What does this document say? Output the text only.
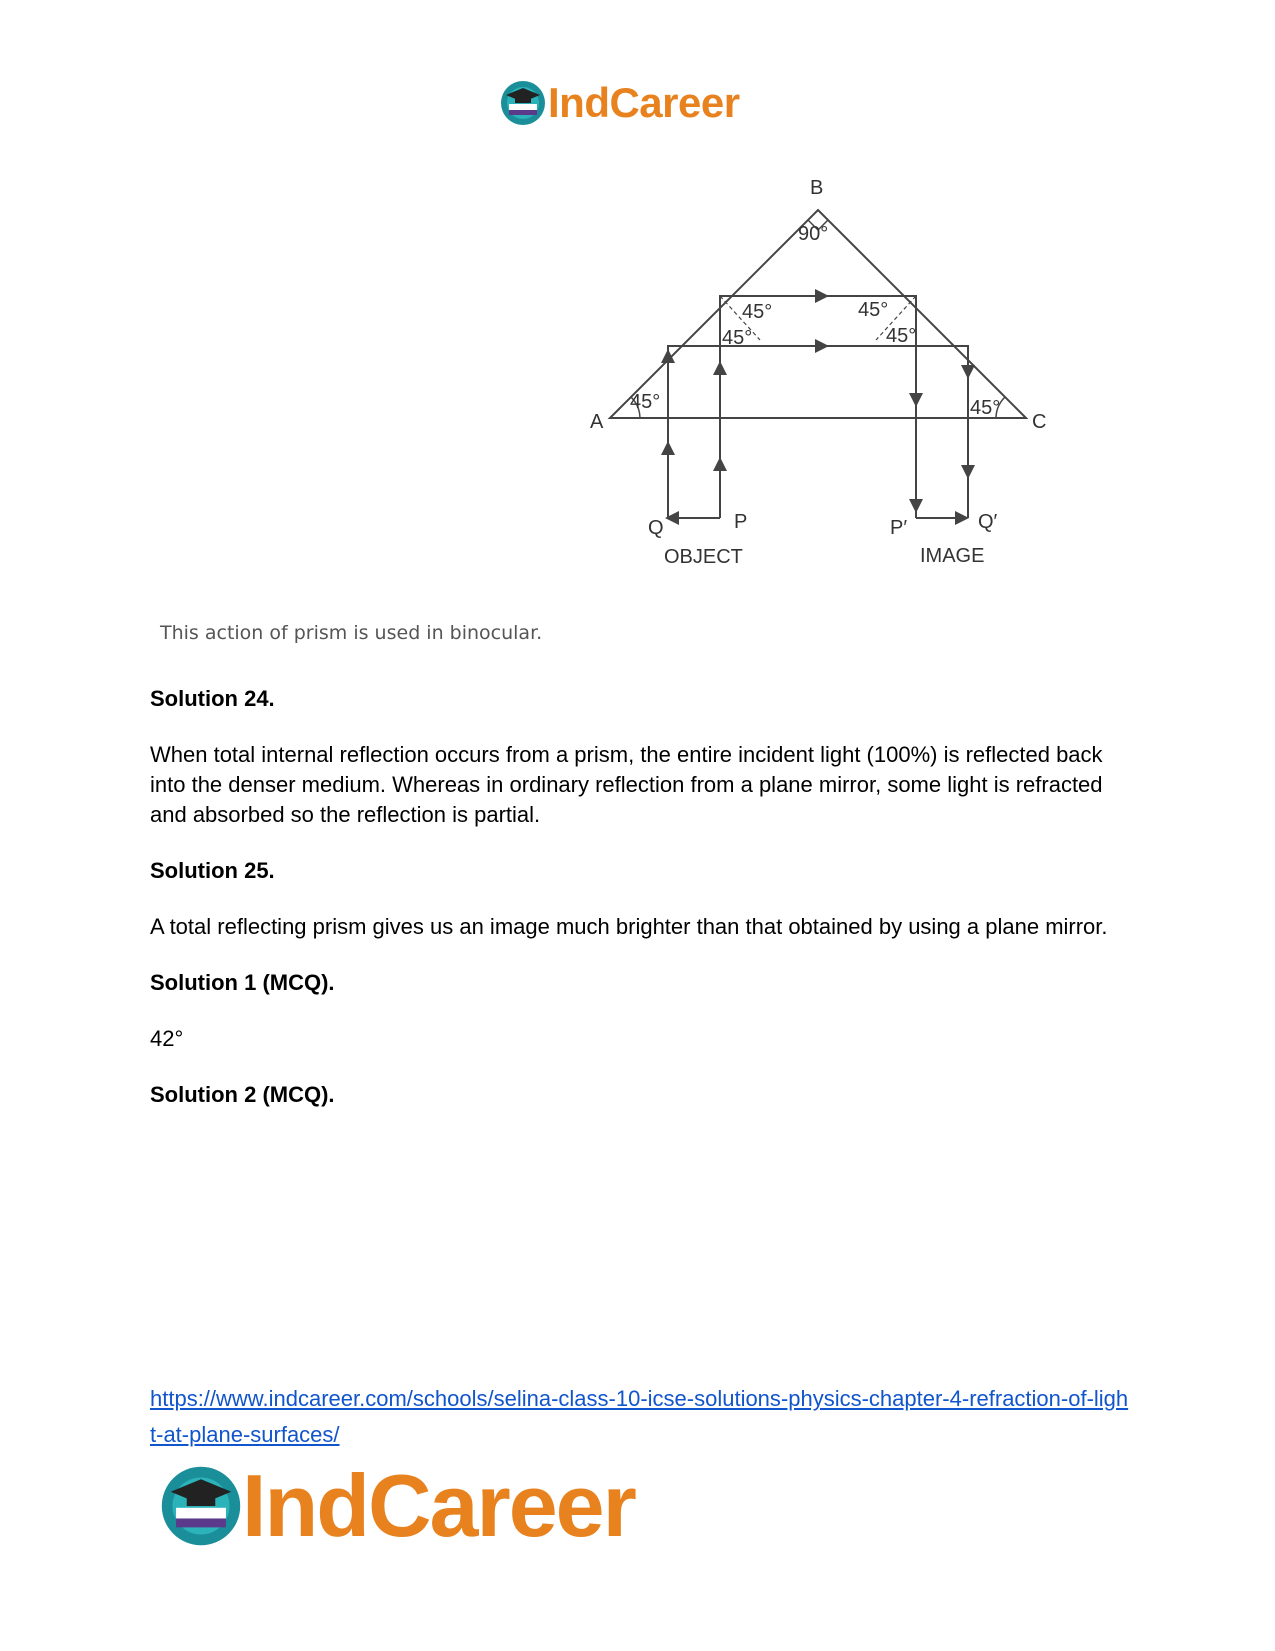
IndCareer
B
90°
A	C
45°	45°
45°
45°
45°
45°
Q	P	P′	Q′
OBJECT	IMAGE
This action of prism is used in binocular.
Solution 24.

When total internal reflection occurs from a prism, the entire incident light (100%) is reflected back into the denser medium. Whereas in ordinary reflection from a plane mirror, some light is refracted and absorbed so the reflection is partial.

Solution 25.

A total reflecting prism gives us an image much brighter than that obtained by using a plane mirror.

Solution 1 (MCQ).

42°

Solution 2 (MCQ).
https://www.indcareer.com/schools/selina-class-10-icse-solutions-physics-chapter-4-refraction-of-light-at-plane-surfaces/
IndCareer
